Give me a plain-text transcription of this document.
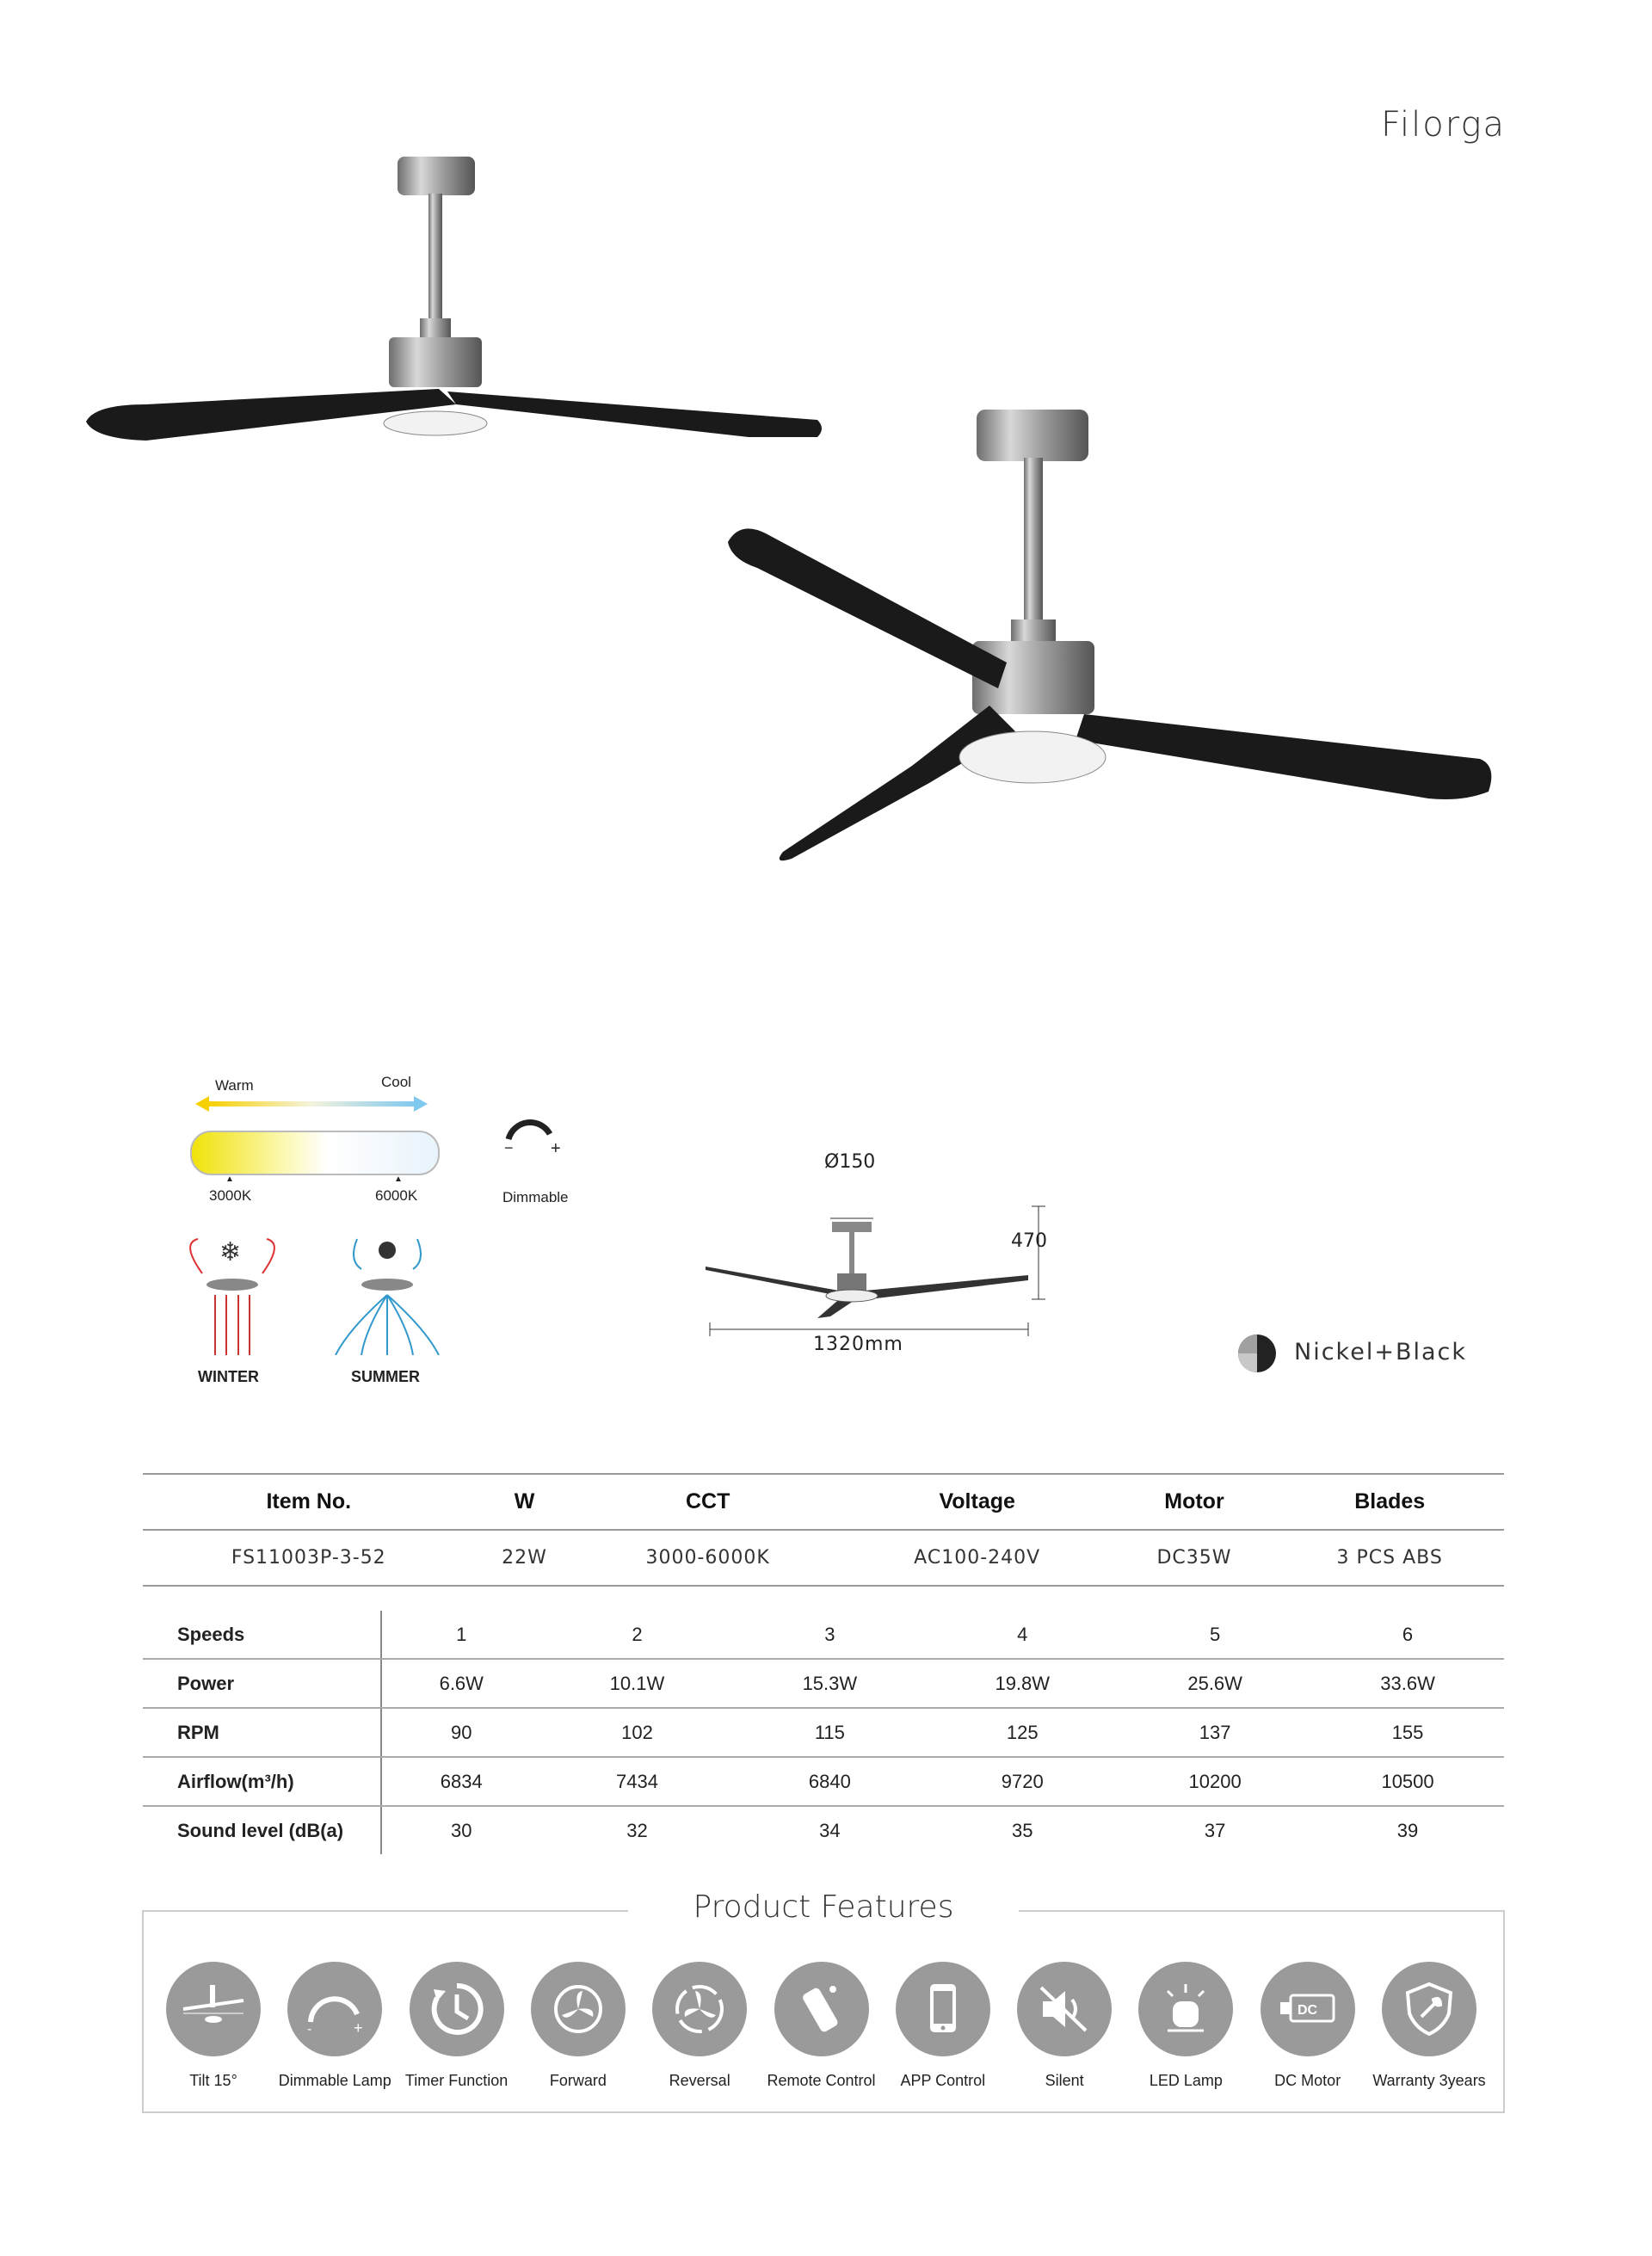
Filorga
Warm	Cool
▲	▲
3000K	6000K
− +
Dimmable
❄
WINTER	SUMMER
Ø150
470
1320mm	Nickel+Black
Item No.	W	CCT	Voltage	Motor	Blades
FS11003P-3-52	22W	3000-6000K	AC100-240V	DC35W	3 PCS ABS
Speeds	1	2	3	4	5	6
Power	6.6W	10.1W	15.3W	19.8W	25.6W	33.6W
RPM	90	102	115	125	137	155
Airflow(m³/h)	6834	7434	6840	9720	10200	10500
Sound level (dB(a)	30	32	34	35	37	39
Product Features
Tilt 15°
-	+
Dimmable Lamp Timer Function	Forward	Reversal	Remote Control	APP Control	Silent	LED Lamp
DC
DC Motor	Warranty 3years
